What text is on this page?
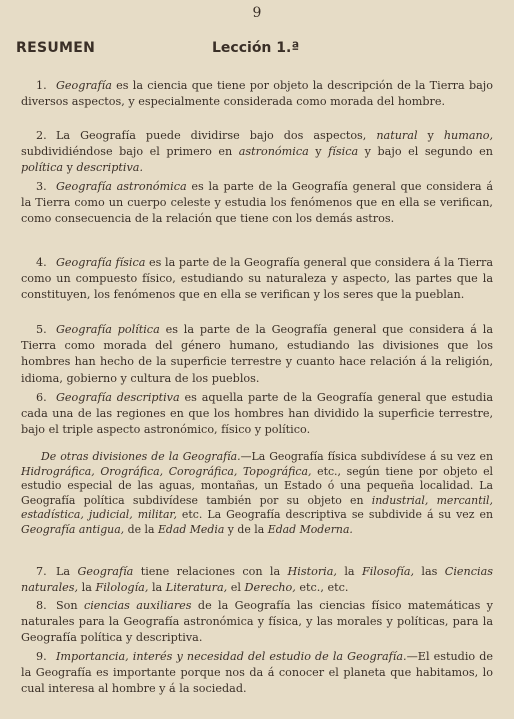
9
RESUMEN	Lección 1.ª

1. Geografía es la ciencia que tiene por objeto la descripción de la Tierra bajo diversos aspectos, y especialmente considerada como morada del hombre.

2. La Geografía puede dividirse bajo dos aspectos, natural y humano, subdividiéndose bajo el primero en astronómica y física y bajo el segundo en política y descriptiva.

3. Geografía astronómica es la parte de la Geografía general que considera á la Tierra como un cuerpo celeste y estudia los fenómenos que en ella se verifican, como consecuencia de la relación que tiene con los demás astros.

4. Geografía física es la parte de la Geografía general que considera á la Tierra como un compuesto físico, estudiando su naturaleza y aspecto, las partes que la constituyen, los fenómenos que en ella se verifican y los seres que la pueblan.

5. Geografía política es la parte de la Geografía general que considera á la Tierra como morada del género humano, estudiando las divisiones que los hombres han hecho de la superficie terrestre y cuanto hace relación á la religión, idioma, gobierno y cultura de los pueblos.

6. Geografía descriptiva es aquella parte de la Geografía general que estudia cada una de las regiones en que los hombres han dividido la superficie terrestre, bajo el triple aspecto astronómico, físico y político.

De otras divisiones de la Geografía.—La Geografía física subdivídese á su vez en Hidrográfica, Orográfica, Corográfica, Topográfica, etc., según tiene por objeto el estudio especial de las aguas, montañas, un Estado ó una pequeña localidad. La Geografía política subdivídese también por su objeto en industrial, mercantil, estadística, judicial, militar, etc. La Geografía descriptiva se subdivide á su vez en Geografía antigua, de la Edad Media y de la Edad Moderna.

7. La Geografía tiene relaciones con la Historia, la Filosofía, las Ciencias naturales, la Filología, la Literatura, el Derecho, etc., etc.

8. Son ciencias auxiliares de la Geografía las ciencias físico matemáticas y naturales para la Geografía astronómica y física, y las morales y políticas, para la Geografía política y descriptiva.

9. Importancia, interés y necesidad del estudio de la Geografía.—El estudio de la Geografía es importante porque nos da á conocer el planeta que habitamos, lo cual interesa al hombre y á la sociedad.
